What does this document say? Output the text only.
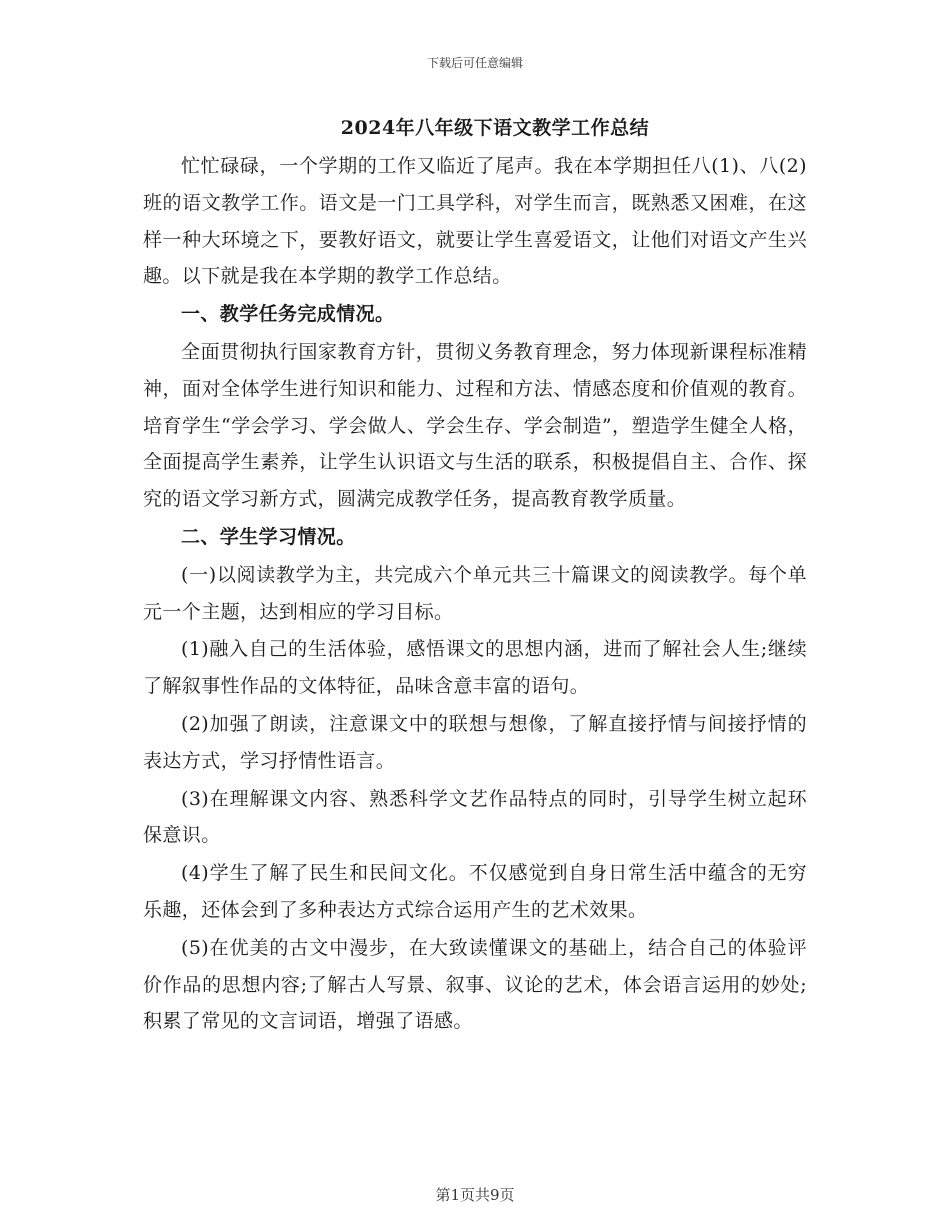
下载后可任意编辑
2024年八年级下语文教学工作总结

忙忙碌碌，一个学期的工作又临近了尾声。我在本学期担任八(1)、八(2)班的语文教学工作。语文是一门工具学科，对学生而言，既熟悉又困难，在这样一种大环境之下，要教好语文，就要让学生喜爱语文，让他们对语文产生兴趣。以下就是我在本学期的教学工作总结。

一、教学任务完成情况。

全面贯彻执行国家教育方针，贯彻义务教育理念，努力体现新课程标准精神，面对全体学生进行知识和能力、过程和方法、情感态度和价值观的教育。培育学生“学会学习、学会做人、学会生存、学会制造”，塑造学生健全人格，全面提高学生素养，让学生认识语文与生活的联系，积极提倡自主、合作、探究的语文学习新方式，圆满完成教学任务，提高教育教学质量。

二、学生学习情况。

(一)以阅读教学为主，共完成六个单元共三十篇课文的阅读教学。每个单元一个主题，达到相应的学习目标。

(1)融入自己的生活体验，感悟课文的思想内涵，进而了解社会人生;继续了解叙事性作品的文体特征，品味含意丰富的语句。

(2)加强了朗读，注意课文中的联想与想像，了解直接抒情与间接抒情的表达方式，学习抒情性语言。

(3)在理解课文内容、熟悉科学文艺作品特点的同时，引导学生树立起环保意识。

(4)学生了解了民生和民间文化。不仅感觉到自身日常生活中蕴含的无穷乐趣，还体会到了多种表达方式综合运用产生的艺术效果。

(5)在优美的古文中漫步，在大致读懂课文的基础上，结合自己的体验评价作品的思想内容;了解古人写景、叙事、议论的艺术，体会语言运用的妙处;积累了常见的文言词语，增强了语感。

第1页共9页
